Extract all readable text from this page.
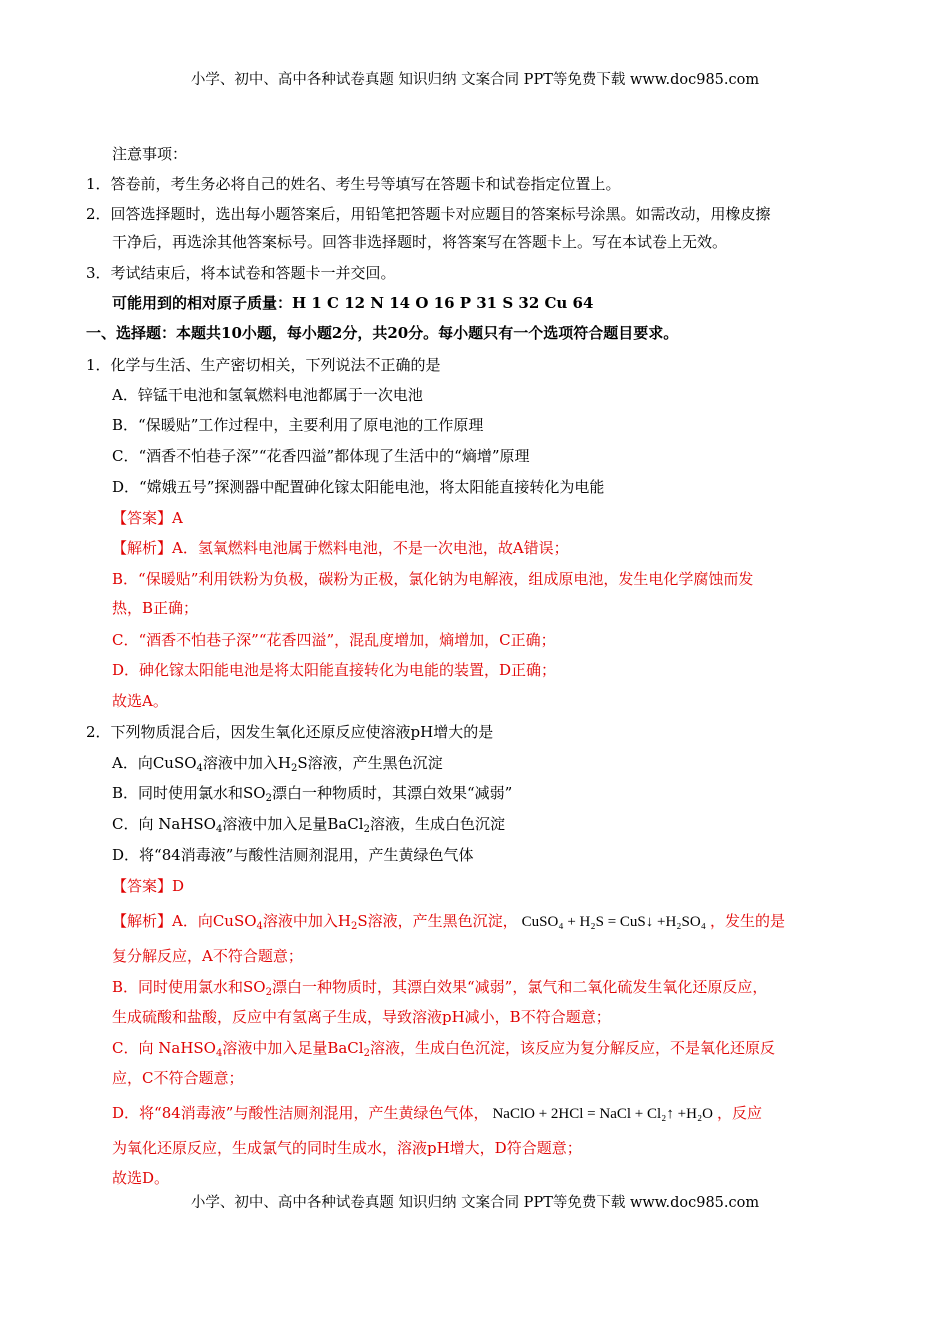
小学、初中、高中各种试卷真题 知识归纳 文案合同 PPT等免费下载 www.doc985.com
注意事项：
1．答卷前，考生务必将自己的姓名、考生号等填写在答题卡和试卷指定位置上。
2．回答选择题时，选出每小题答案后，用铅笔把答题卡对应题目的答案标号涂黑。如需改动，用橡皮擦
干净后，再选涂其他答案标号。回答非选择题时，将答案写在答题卡上。写在本试卷上无效。
3．考试结束后，将本试卷和答题卡一并交回。
可能用到的相对原子质量：H 1 C 12 N 14 O 16 P 31 S 32 Cu 64
一、选择题：本题共10小题，每小题2分，共20分。每小题只有一个选项符合题目要求。
1．化学与生活、生产密切相关，下列说法不正确的是
A．锌锰干电池和氢氧燃料电池都属于一次电池
B．“保暖贴”工作过程中，主要利用了原电池的工作原理
C．“酒香不怕巷子深”“花香四溢”都体现了生活中的“熵增”原理
D．“嫦娥五号”探测器中配置砷化镓太阳能电池，将太阳能直接转化为电能
【答案】A
【解析】A．氢氧燃料电池属于燃料电池，不是一次电池，故A错误；
B．“保暖贴”利用铁粉为负极，碳粉为正极，氯化钠为电解液，组成原电池，发生电化学腐蚀而发
热，B正确；
C．“酒香不怕巷子深”“花香四溢”，混乱度增加，熵增加，C正确；
D．砷化镓太阳能电池是将太阳能直接转化为电能的装置，D正确；
故选A。
2．下列物质混合后，因发生氧化还原反应使溶液pH增大的是
A．向CuSO$_4$溶液中加入$H_2S$溶液，产生黑色沉淀
B．同时使用氯水和$SO_2$漂白一种物质时，其漂白效果“减弱”
C．向 NaHSO$_4$溶液中加入足量BaCl$_2$溶液，生成白色沉淀
D．将“84消毒液”与酸性洁厕剂混用，产生黄绿色气体
【答案】D
【解析】A．向CuSO$_4$溶液中加入$H_2S$溶液，产生黑色沉淀， CuSO₄ + H₂S = CuS↓ +H₂SO₄ ，发生的是
复分解反应，A不符合题意；
B．同时使用氯水和$SO_2$漂白一种物质时，其漂白效果“减弱”，氯气和二氧化硫发生氧化还原反应，
生成硫酸和盐酸，反应中有氢离子生成，导致溶液pH减小，B不符合题意；
C．向 NaHSO$_4$溶液中加入足量BaCl$_2$溶液，生成白色沉淀，该反应为复分解反应，不是氧化还原反
应，C不符合题意；
D．将“84消毒液”与酸性洁厕剂混用，产生黄绿色气体， NaClO + 2HCl = NaCl + Cl₂↑ +H₂O ，反应
为氧化还原反应，生成氯气的同时生成水，溶液pH增大，D符合题意；
故选D。
小学、初中、高中各种试卷真题 知识归纳 文案合同 PPT等免费下载 www.doc985.com
